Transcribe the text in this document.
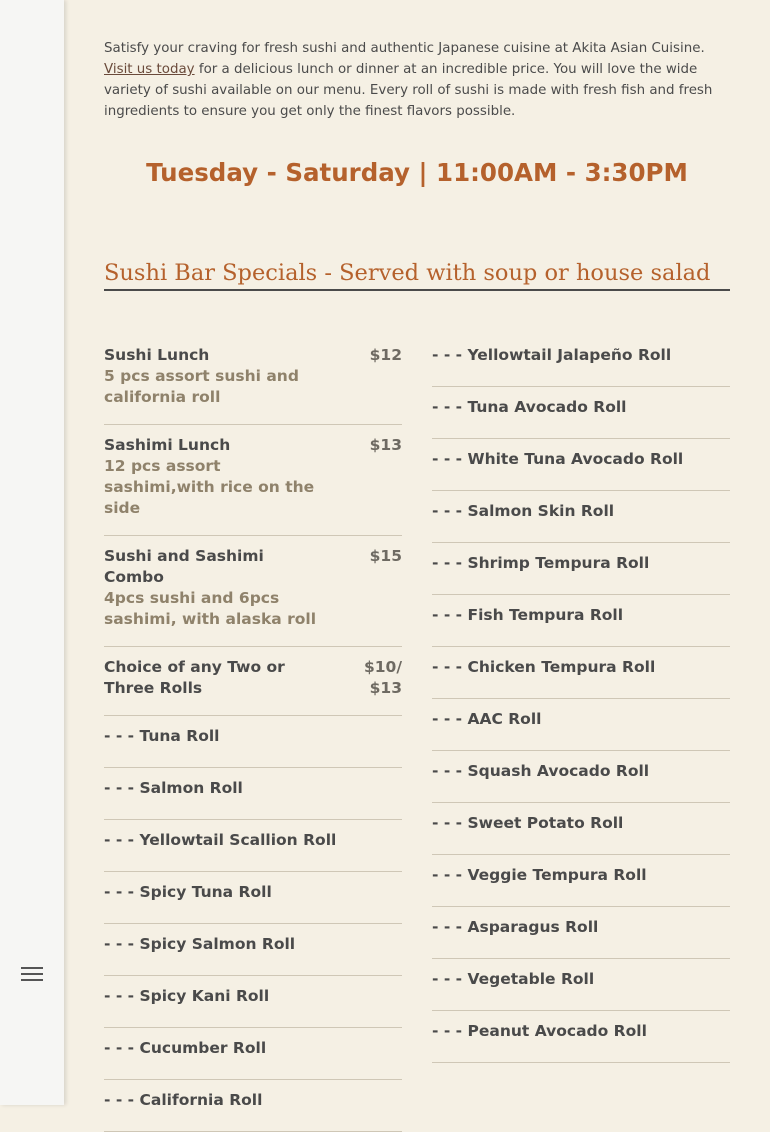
Satisfy your craving for fresh sushi and authentic Japanese cuisine at Akita Asian Cuisine. Visit us today for a delicious lunch or dinner at an incredible price. You will love the wide variety of sushi available on our menu. Every roll of sushi is made with fresh fish and fresh ingredients to ensure you get only the finest flavors possible.

Tuesday - Saturday | 11:00AM - 3:30PM
Sushi Bar Specials - Served with soup or house salad
Sushi Lunch
5 pcs assort sushi and california roll
$12
Sashimi Lunch
12 pcs assort sashimi,with rice on the side
$13
Sushi and Sashimi Combo
4pcs sushi and 6pcs sashimi, with alaska roll
$15
Choice of any Two or Three Rolls
$10/ $13
- - - Tuna Roll
- - - Salmon Roll
- - - Yellowtail Scallion Roll
- - - Spicy Tuna Roll
- - - Spicy Salmon Roll
- - - Spicy Kani Roll
- - - Cucumber Roll
- - - California Roll
- - - Yellowtail Jalapeño Roll
- - - Tuna Avocado Roll
- - - White Tuna Avocado Roll
- - - Salmon Skin Roll
- - - Shrimp Tempura Roll
- - - Fish Tempura Roll
- - - Chicken Tempura Roll
- - - AAC Roll
- - - Squash Avocado Roll
- - - Sweet Potato Roll
- - - Veggie Tempura Roll
- - - Asparagus Roll
- - - Vegetable Roll
- - - Peanut Avocado Roll
